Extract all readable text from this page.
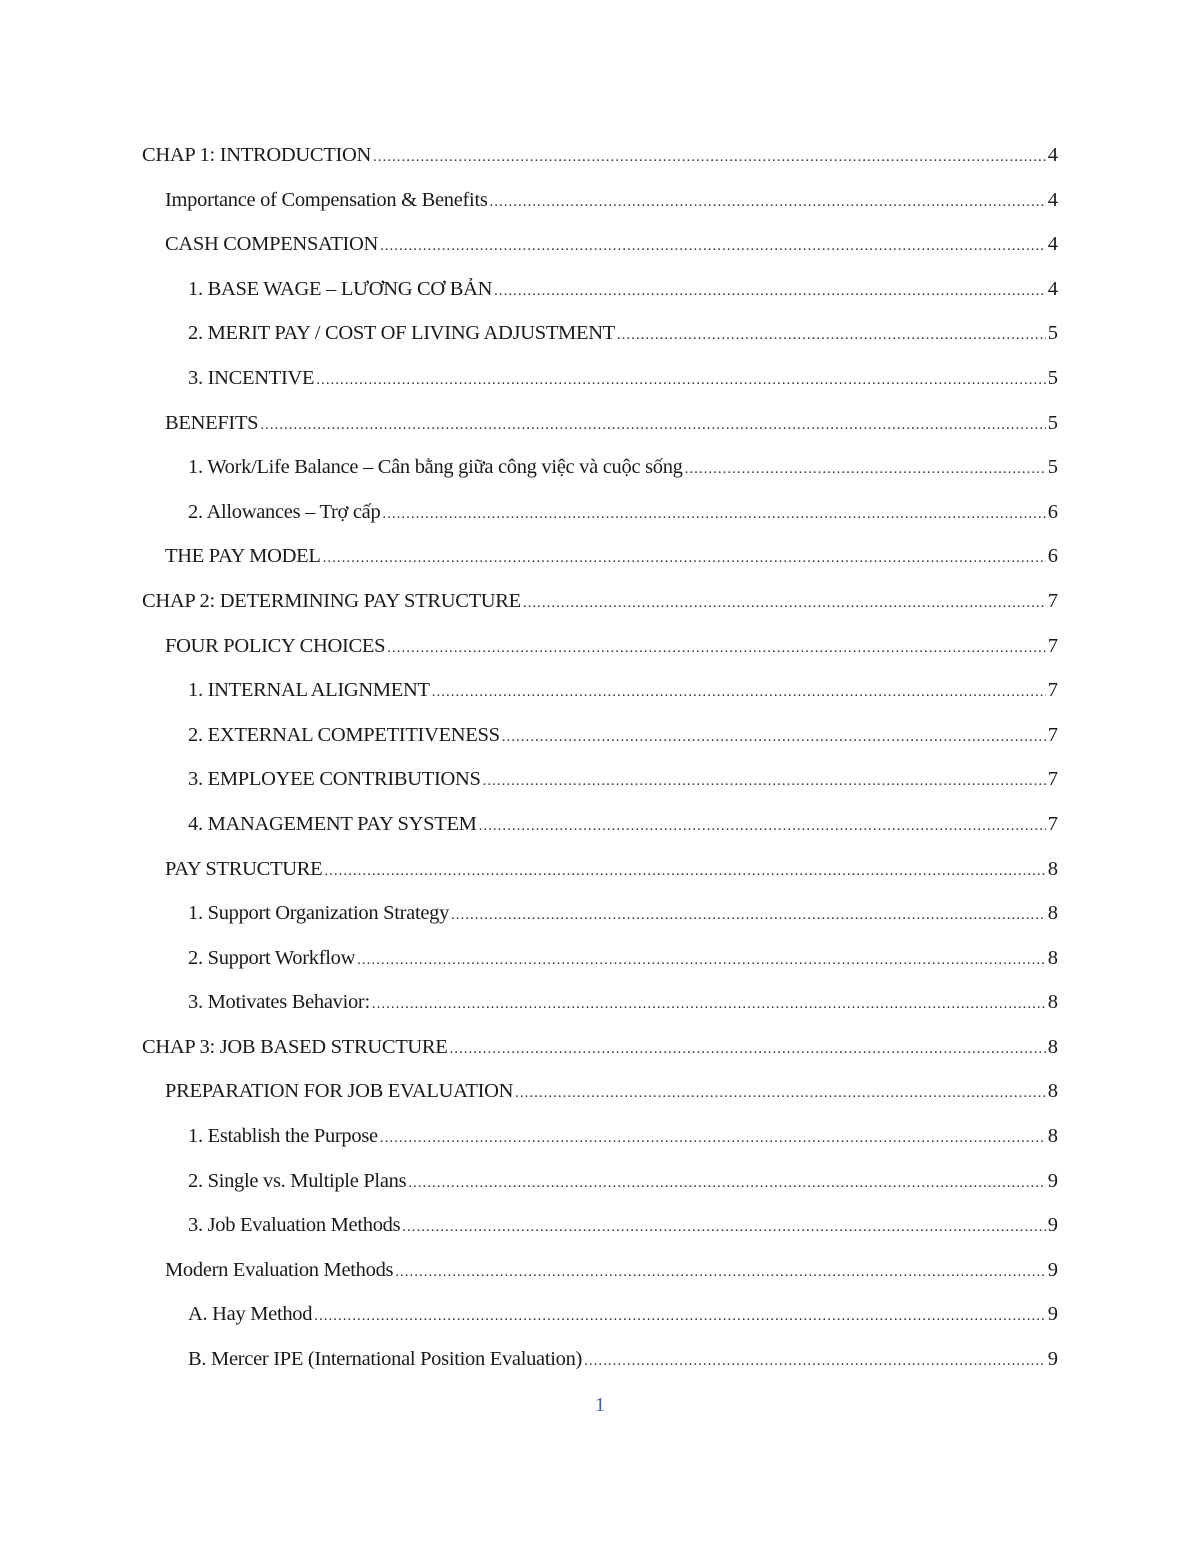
CHAP 1: INTRODUCTION .....	4
Importance of Compensation & Benefits .....	4
CASH COMPENSATION .....	4
1. BASE WAGE – LƯƠNG CƠ BẢN .....	4
2. MERIT PAY / COST OF LIVING ADJUSTMENT .....	5
3. INCENTIVE .....	5
BENEFITS .....	5
1. Work/Life Balance – Cân bằng giữa công việc và cuộc sống .....	5
2. Allowances – Trợ cấp .....	6
THE PAY MODEL .....	6
CHAP 2: DETERMINING PAY STRUCTURE .....	7
FOUR POLICY CHOICES .....	7
1. INTERNAL ALIGNMENT .....	7
2. EXTERNAL COMPETITIVENESS .....	7
3. EMPLOYEE CONTRIBUTIONS .....	7
4. MANAGEMENT PAY SYSTEM .....	7
PAY STRUCTURE .....	8
1. Support Organization Strategy .....	8
2. Support Workflow .....	8
3. Motivates Behavior: .....	8
CHAP 3: JOB BASED STRUCTURE .....	8
PREPARATION FOR JOB EVALUATION .....	8
1. Establish the Purpose .....	8
2. Single vs. Multiple Plans .....	9
3. Job Evaluation Methods .....	9
Modern Evaluation Methods .....	9
A. Hay Method .....	9
B. Mercer IPE (International Position Evaluation) .....	9
1
